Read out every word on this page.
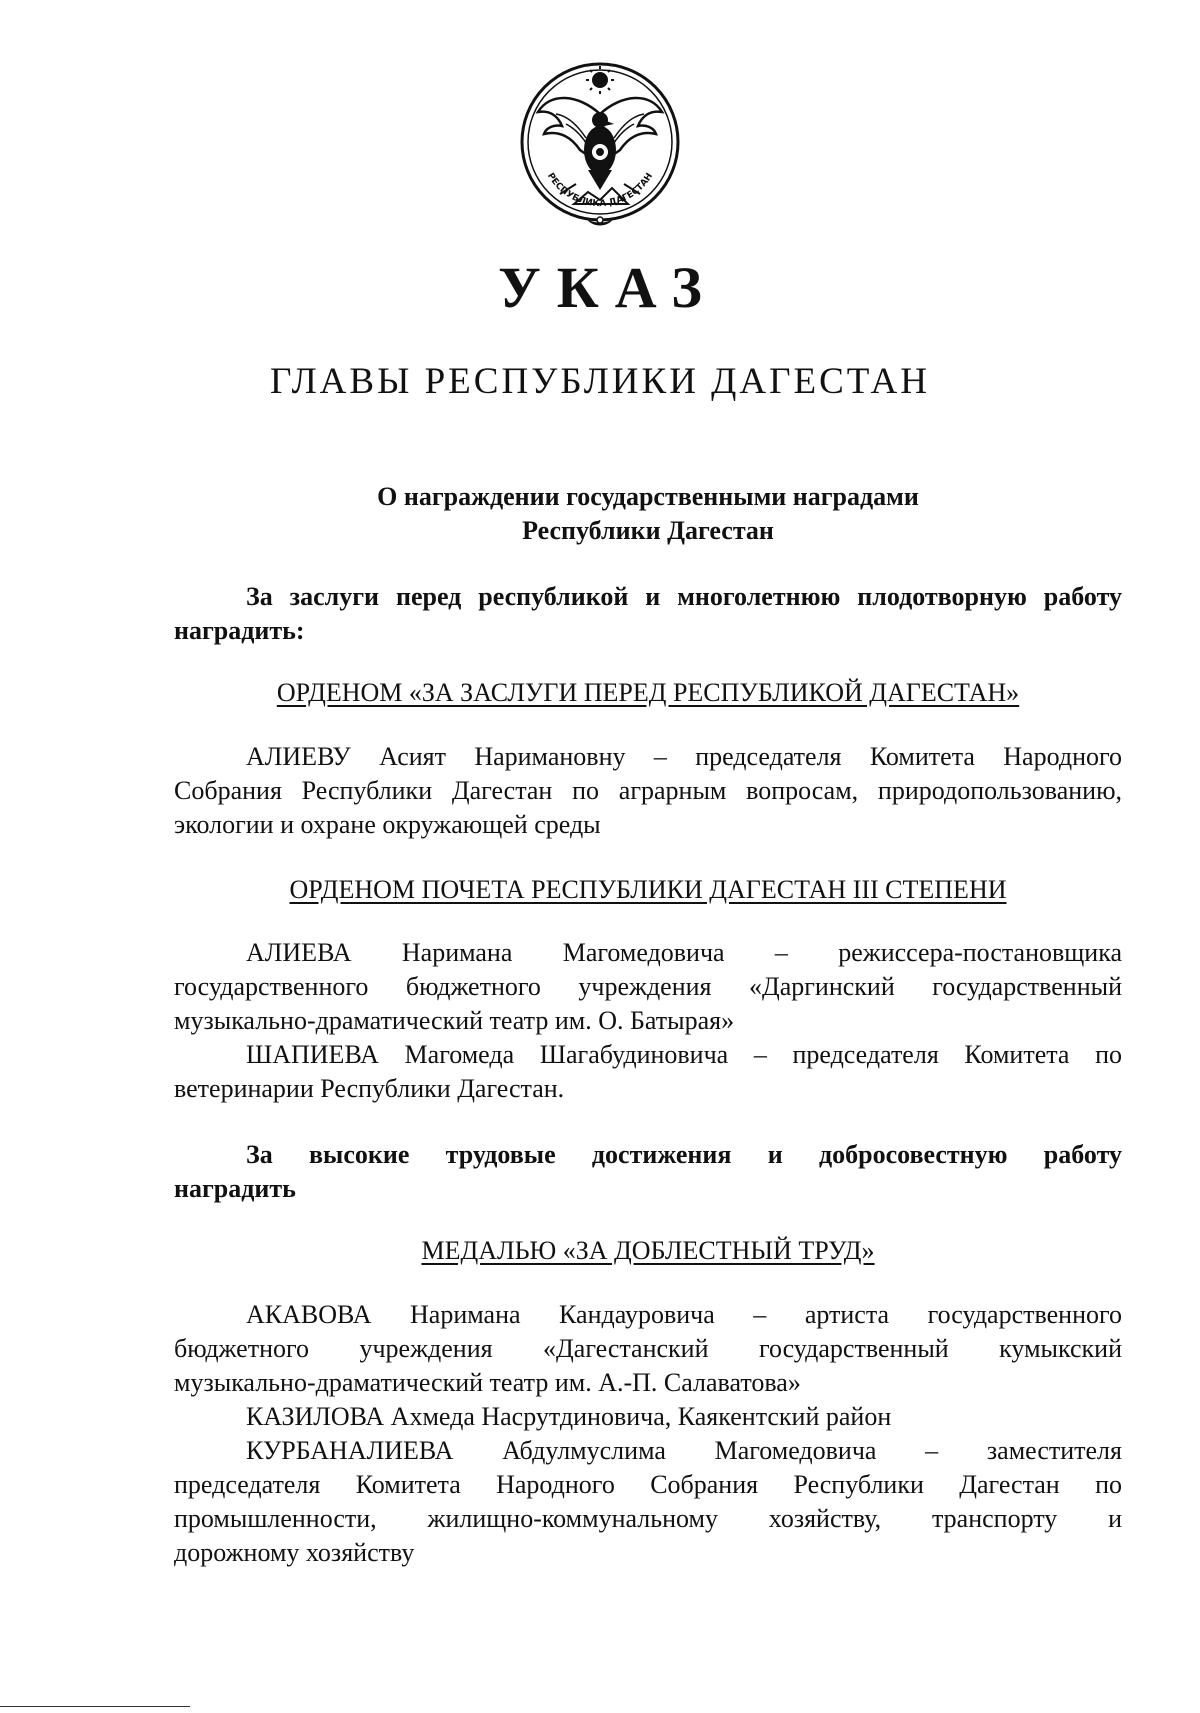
РЕСПУБЛИКА ДАГЕСТАН
УКАЗ
ГЛАВЫ РЕСПУБЛИКИ ДАГЕСТАН
О награждении государственными наградами
Республики Дагестан
За заслуги перед республикой и многолетнюю плодотворную работу
наградить:
ОРДЕНОМ «ЗА ЗАСЛУГИ ПЕРЕД РЕСПУБЛИКОЙ ДАГЕСТАН»
АЛИЕВУ Асият Наримановну – председателя Комитета Народного
Собрания Республики Дагестан по аграрным вопросам, природопользованию,
экологии и охране окружающей среды
ОРДЕНОМ ПОЧЕТА РЕСПУБЛИКИ ДАГЕСТАН III СТЕПЕНИ
АЛИЕВА Наримана Магомедовича – режиссера-постановщика
государственного бюджетного учреждения «Даргинский государственный
музыкально-драматический театр им. О. Батырая»
ШАПИЕВА Магомеда Шагабудиновича – председателя Комитета по
ветеринарии Республики Дагестан.
За высокие трудовые достижения и добросовестную работу
наградить
МЕДАЛЬЮ «ЗА ДОБЛЕСТНЫЙ ТРУД»
АКАВОВА Наримана Кандауровича – артиста государственного
бюджетного учреждения «Дагестанский государственный кумыкский
музыкально-драматический театр им. А.-П. Салаватова»
КАЗИЛОВА Ахмеда Насрутдиновича, Каякентский район
КУРБАНАЛИЕВА Абдулмуслима Магомедовича – заместителя
председателя Комитета Народного Собрания Республики Дагестан по
промышленности, жилищно-коммунальному хозяйству, транспорту и
дорожному хозяйству
